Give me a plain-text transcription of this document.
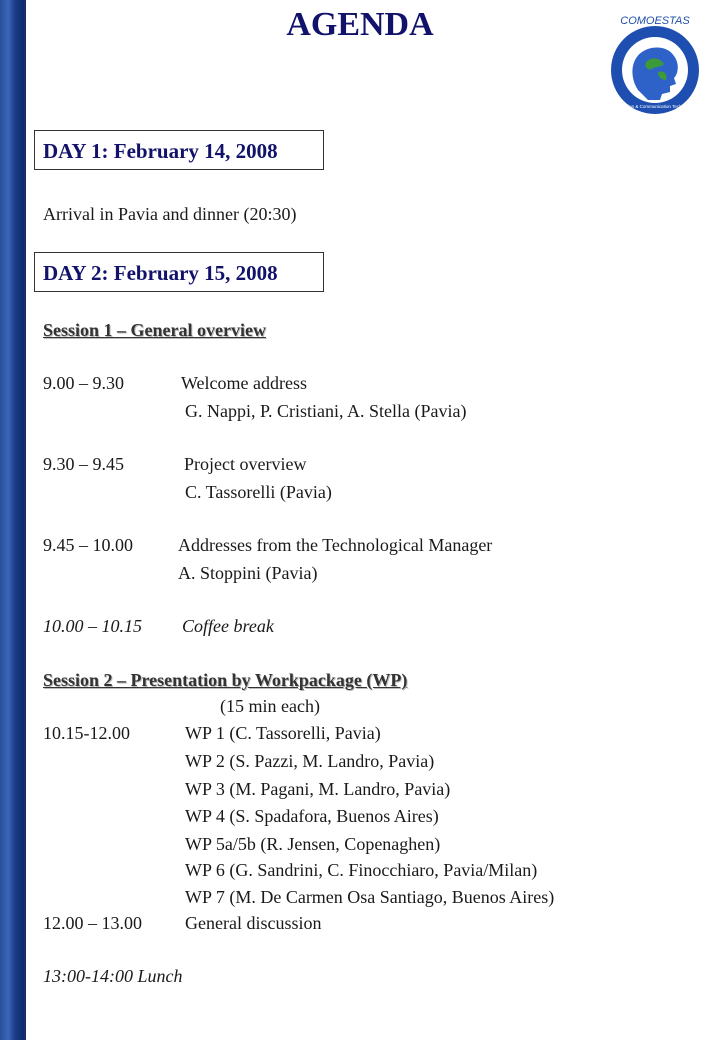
AGENDA	COMOESTAS
Information & Communication Technologies
DAY 1: February 14, 2008
Arrival in Pavia and dinner (20:30)
DAY 2: February 15, 2008
Session 1 – General overview
9.00 – 9.30	Welcome address
G. Nappi, P. Cristiani, A. Stella (Pavia)
9.30 – 9.45	Project overview
C. Tassorelli (Pavia)
9.45 – 10.00	Addresses from the Technological Manager
A. Stoppini (Pavia)
10.00 – 10.15 Coffee break
Session 2 – Presentation by Workpackage (WP)
(15 min each)
10.15-12.00	WP 1 (C. Tassorelli, Pavia)
WP 2 (S. Pazzi, M. Landro, Pavia)
WP 3 (M. Pagani, M. Landro, Pavia)
WP 4 (S. Spadafora, Buenos Aires)
WP 5a/5b (R. Jensen, Copenaghen)
WP 6 (G. Sandrini, C. Finocchiaro, Pavia/Milan)
WP 7 (M. De Carmen Osa Santiago, Buenos Aires)
12.00 – 13.00 General discussion
13:00-14:00 Lunch
